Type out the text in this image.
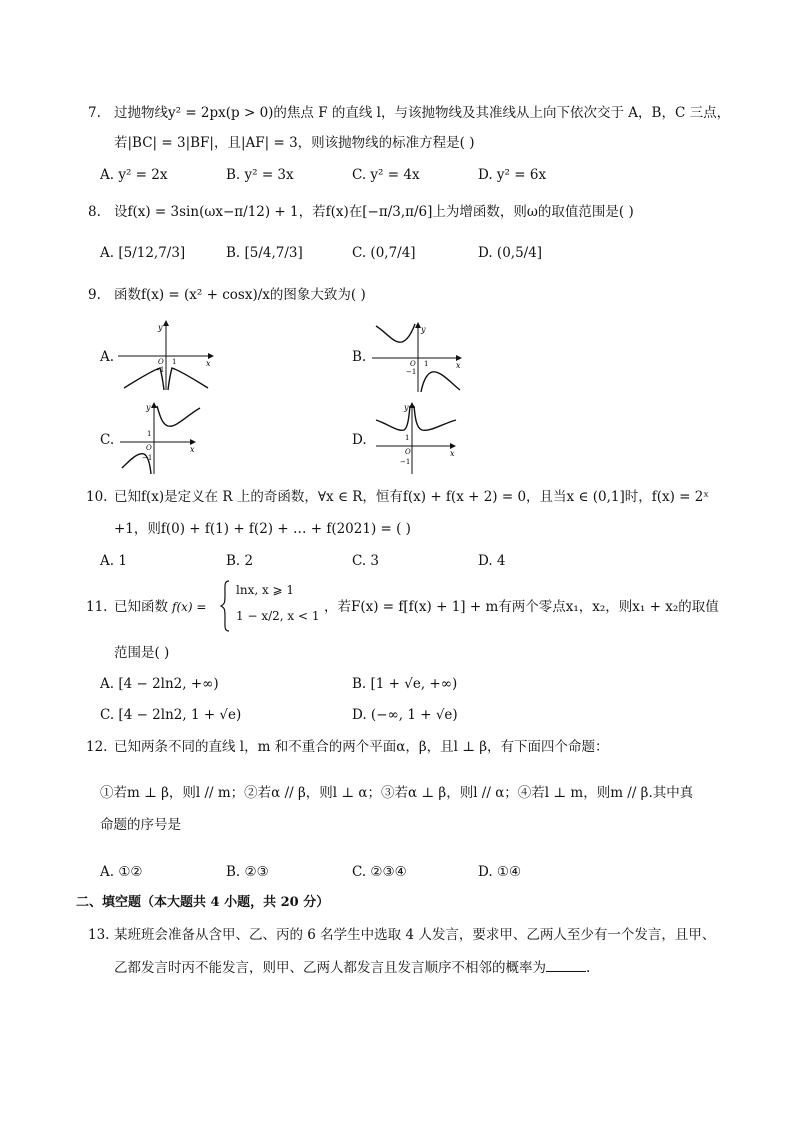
7. 过抛物线y² = 2px(p > 0)的焦点 F 的直线 l，与该抛物线及其准线从上向下依次交于 A，B，C 三点，
若|BC| = 3|BF|，且|AF| = 3，则该抛物线的标准方程是( )
A. y² = 2x	B. y² = 3x	C. y² = 4x	D. y² = 6x
8. 设f(x) = 3sin(ωx−π/12) + 1，若f(x)在[−π/3,π/6]上为增函数，则ω的取值范围是( )
A. [5/12,7/3]	B. [5/4,7/3]	C. (0,7/4]	D. (0,5/4]
9. 函数f(x) = (x² + cosx)/x的图象大致为( )
A.	B.
C.	D.
y
x
O 1
−1
y
x
O 1
−1
y
x
O
1
−1
y
x
O
1
−1
10. 已知f(x)是定义在 R 上的奇函数，∀x ∈ R，恒有f(x) + f(x + 2) = 0，且当x ∈ (0,1]时，f(x) = 2ˣ
+1，则f(0) + f(1) + f(2) + … + f(2021) = ( )
A. 1	B. 2	C. 3	D. 4
11. 已知函数 f(x) =
lnx, x ⩾ 1
1 − x/2, x < 1
，若F(x) = f[f(x) + 1] + m有两个零点x₁，x₂，则x₁ + x₂的取值
范围是( )
A. [4 − 2ln2, +∞)	B. [1 + √e, +∞)
C. [4 − 2ln2, 1 + √e)	D. (−∞, 1 + √e)
12. 已知两条不同的直线 l，m 和不重合的两个平面α，β，且l ⊥ β，有下面四个命题：
①若m ⊥ β，则l // m；②若α // β，则l ⊥ α；③若α ⊥ β，则l // α；④若l ⊥ m，则m // β.其中真
命题的序号是
A. ①②	B. ②③	C. ②③④	D. ①④
二、填空题（本大题共 4 小题，共 20 分）
13. 某班班会准备从含甲、乙、丙的 6 名学生中选取 4 人发言，要求甲、乙两人至少有一个发言，且甲、
乙都发言时丙不能发言，则甲、乙两人都发言且发言顺序不相邻的概率为	.
